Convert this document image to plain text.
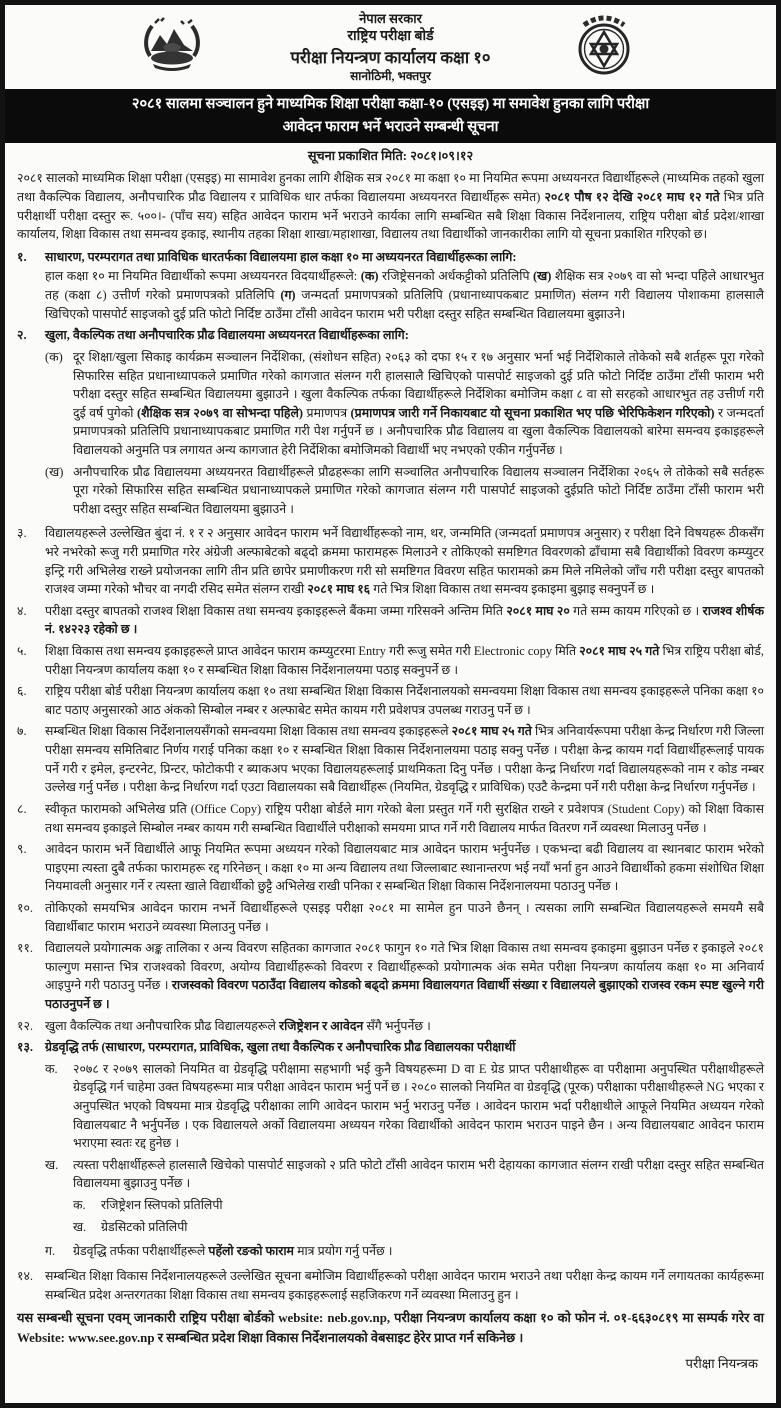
नेपाल सरकार
राष्ट्रिय परीक्षा बोर्ड
परीक्षा नियन्त्रण कार्यालय कक्षा १०
सानोठिमी, भक्तपुर
२०८१ सालमा सञ्चालन हुने माध्यमिक शिक्षा परीक्षा कक्षा-१० (एसइइ) मा समावेश हुनका लागि परीक्षा
आवेदन फाराम भर्ने भराउने सम्बन्धी सूचना
सूचना प्रकाशित मिति: २०८१।०९।१२
२०८१ सालको माध्यमिक शिक्षा परीक्षा (एसइइ) मा सामावेश हुनका लागि शैक्षिक सत्र २०८१ मा कक्षा १० मा नियमित रूपमा अध्ययनरत विद्यार्थीहरूले (माध्यमिक तहको खुला तथा वैकल्पिक विद्यालय, अनौपचारिक प्रौढ विद्यालय र प्राविधिक धार तर्फका विद्यालयमा अध्ययनरत विद्यार्थीहरू समेत) २०८१ पौष १२ देखि २०८१ माघ १२ गते भित्र प्रति परीक्षार्थी परीक्षा दस्तुर रू. ५००।- (पाँच सय) सहित आवेदन फाराम भर्ने भराउने कार्यका लागि सम्बन्धित सबै शिक्षा विकास निर्देशनालय, राष्ट्रिय परीक्षा बोर्ड प्रदेश/शाखा कार्यालय, शिक्षा विकास तथा समन्वय इकाइ, स्थानीय तहका शिक्षा शाखा/महाशाखा, विद्यालय तथा विद्यार्थीको जानकारीका लागि यो सूचना प्रकाशित गरिएको छ।
१.	साधारण, परम्परागत तथा प्राविधिक धारतर्फका विद्यालयमा हाल कक्षा १० मा अध्ययनरत विद्यार्थीहरूका लागि:
हाल कक्षा १० मा नियमित विद्यार्थीको रूपमा अध्ययनरत विदयार्थीहरूले: (क) रजिष्ट्रेसनको अर्धकट्टीको प्रतिलिपि (ख) शैक्षिक सत्र २०७९ वा सो भन्दा पहिले आधारभुत तह (कक्षा ८) उत्तीर्ण गरेको प्रमाणपत्रको प्रतिलिपि (ग) जन्मदर्ता प्रमाणपत्रको प्रतिलिपि (प्रधानाध्यापकबाट प्रमाणित) संलग्न गरी विद्यालय पोशाकमा हालसालै खिचिएको पासपोर्ट साइजको दुई प्रति फोटो निर्दिष्ट ठाउँमा टाँसी आवेदन फाराम भरी परीक्षा दस्तुर सहित सम्बन्धित विद्यालयमा बुझाउने।
२.	खुला, वैकल्पिक तथा अनौपचारिक प्रौढ विद्यालयमा अध्ययनरत विद्यार्थीहरूका लागि:
(क) दूर शिक्षा/खुला सिकाइ कार्यक्रम सञ्चालन निर्देशिका, (संशोधन सहित) २०६३ को दफा १५ र १७ अनुसार भर्ना भई निर्देशिकाले तोकेको सबै शर्तहरू पूरा गरेको सिफारिस सहित प्रधानाध्यापकले प्रमाणित गरेको कागजात संलग्न गरी हालसालै खिचिएको पासपोर्ट साइजको दुई प्रति फोटो निर्दिष्ट ठाउँमा टाँसी फाराम भरी परीक्षा दस्तुर सहित सम्बन्धित विद्यालयमा बुझाउने । खुला वैकल्पिक तर्फका विद्यार्थीहरूले निर्देशिका बमोजिम कक्षा ८ वा सो सरहको आधारभुत तह उत्तीर्ण गरी दुई वर्ष पुगेको (शैक्षिक सत्र २०७९ वा सोभन्दा पहिले) प्रमाणपत्र (प्रमाणपत्र जारी गर्ने निकायबाट यो सूचना प्रकाशित भए पछि भेरिफिकेशन गरिएको) र जन्मदर्ता प्रमाणपत्रको प्रतिलिपि प्रधानाध्यापकबाट प्रमाणित गरी पेश गर्नुपर्ने छ । अनौपचारिक प्रौढ विद्यालय वा खुला वैकल्पिक विद्यालयको बारेमा समन्वय इकाइहरूले विद्यालयको अनुमति पत्र लगायत अन्य कागजात हेरी निर्देशिका बमोजिमको विद्यार्थी भए नभएको एकीन गर्नुपर्नेछ ।
(ख) अनौपचारिक प्रौढ विद्यालयमा अध्ययनरत विद्यार्थीहरूले प्रौढहरूका लागि सञ्चालित अनौपचारिक विद्यालय सञ्चालन निर्देशिका २०६५ ले तोकेको सबै सर्तहरू पूरा गरेको सिफारिस सहित सम्बन्धित प्रधानाध्यापकले प्रमाणित गरेको कागजात संलग्न गरी पासपोर्ट साइजको दुईप्रति फोटो निर्दिष्ट ठाउँमा टाँसी फाराम भरी परीक्षा दस्तुर सहित सम्बन्धित विद्यालयमा बुझाउने ।
३.	विद्यालयहरूले उल्लेखित बुंदा नं. १ र २ अनुसार आवेदन फाराम भर्ने विद्यार्थीहरूको नाम, थर, जन्ममिति (जन्मदर्ता प्रमाणपत्र अनुसार) र परीक्षा दिने विषयहरू ठीकसँग भरे नभरेको रूजु गरी प्रमाणित गरेर अंग्रेजी अल्फाबेटको बढ्दो क्रममा फारामहरू मिलाउने र तोकिएको समष्टिगत विवरणको ढाँचामा सबै विद्यार्थीको विवरण कम्प्युटर इन्ट्रि गरी अभिलेख राख्ने प्रयोजनका लागि तीन प्रति छापेर प्रमाणीकरण गरी सो समष्टिगत विवरण सहित फारामको क्रम मिले नमिलेको जाँच गरी परीक्षा दस्तुर बापतको राजश्व जम्मा गरेको भौचर वा नगदी रसिद समेत संलग्न राखी २०८१ माघ १६ गते भित्र शिक्षा विकास तथा समन्वय इकाइमा बुझाइ सक्नुपर्ने छ ।
४.	परीक्षा दस्तुर बापतको राजश्व शिक्षा विकास तथा समन्वय इकाइहरूले बैंकमा जम्मा गरिसक्ने अन्तिम मिति २०८१ माघ २० गते सम्म कायम गरिएको छ । राजश्व शीर्षक नं. १४२२३ रहेको छ ।
५.	शिक्षा विकास तथा समन्वय इकाइहरूले प्राप्त आवेदन फाराम कम्प्युटरमा Entry गरी रूजु समेत गरी Electronic copy मिति २०८१ माघ २५ गते भित्र राष्ट्रिय परीक्षा बोर्ड, परीक्षा नियन्त्रण कार्यालय कक्षा १० र सम्बन्धित शिक्षा विकास निर्देशनालयमा पठाइ सक्नुपर्ने छ ।
६.	राष्ट्रिय परीक्षा बोर्ड परीक्षा नियन्त्रण कार्यालय कक्षा १० तथा सम्बन्धित शिक्षा विकास निर्देशनालयको समन्वयमा शिक्षा विकास तथा समन्वय इकाइहरूले पनिका कक्षा १० बाट पठाए अनुसारको आठ अंकको सिम्बोल नम्बर र अल्फाबेट समेत कायम गरी प्रवेशपत्र उपलब्ध गराउनु पर्ने छ ।
७.	सम्बन्धित शिक्षा विकास निर्देशनालयसँगको समन्वयमा शिक्षा विकास तथा समन्वय इकाइहरूले २०८१ माघ २५ गते भित्र अनिवार्यरूपमा परीक्षा केन्द्र निर्धारण गरी जिल्ला परीक्षा समन्वय समितिबाट निर्णय गराई पनिका कक्षा १० र सम्बन्धित शिक्षा विकास निर्देशनालयमा पठाइ सक्नु पर्नेछ । परीक्षा केन्द्र कायम गर्दा विद्यार्थीहरूलाई पायक पर्ने गरी र इमेल, इन्टरनेट, प्रिन्टर, फोटोकपी र ब्याकअप भएका विद्यालयहरूलाई प्राथमिकता दिनु पर्नेछ । परीक्षा केन्द्र निर्धारण गर्दा विद्यालयहरूको नाम र कोड नम्बर उल्लेख गर्नु पर्नेछ । परीक्षा केन्द्र निर्धारण गर्दा एउटा विद्यालयका सबै विद्यार्थीहरू (नियमित, ग्रेडवृद्धि र प्राविधिक) एउटै केन्द्रमा पर्ने गरी परीक्षा केन्द्र निर्धारण गर्नुपर्नेछ ।
८.	स्वीकृत फारामको अभिलेख प्रति (Office Copy) राष्ट्रिय परीक्षा बोर्डले माग गरेको बेला प्रस्तुत गर्ने गरी सुरक्षित राख्ने र प्रवेशपत्र (Student Copy) को शिक्षा विकास तथा समन्वय इकाइले सिम्बोल नम्बर कायम गरी सम्बन्धित विद्यार्थीले परीक्षाको समयमा प्राप्त गर्ने गरी विद्यालय मार्फत वितरण गर्ने व्यवस्था मिलाउनु पर्नेछ ।
९.	आवेदन फाराम भर्ने विद्यार्थीले आफू नियमित रूपमा अध्ययन गरेको विद्यालयबाट मात्र आवेदन फाराम भर्नुपर्नेछ । एकभन्दा बढी विद्यालय वा स्थानबाट फाराम भरेको पाइएमा त्यस्ता दुबै तर्फका फारामहरू रद्द गरिनेछन् । कक्षा १० मा अन्य विद्यालय तथा जिल्लाबाट स्थानान्तरण भई नयाँ भर्ना हुन आउने विद्यार्थीको हकमा संशोधित शिक्षा नियमावली अनुसार गर्ने र त्यस्ता खाले विद्यार्थीको छुट्टै अभिलेख राखी पनिका र सम्बन्धित शिक्षा विकास निर्देशनालयमा पठाउनु पर्नेछ ।
१०. तोकिएको समयभित्र आवेदन फाराम नभर्ने विद्यार्थीहरूले एसइइ परीक्षा २०८१ मा सामेल हुन पाउने छैनन् । त्यसका लागि सम्बन्धित विद्यालयहरूले समयमै सबै विद्यार्थीबाट फाराम भराउने व्यवस्था मिलाउनु पर्नेछ ।
११. विद्यालयले प्रयोगात्मक अङ्क तालिका र अन्य विवरण सहितका कागजात २०८१ फागुन १० गते भित्र शिक्षा विकास तथा समन्वय इकाइमा बुझाउन पर्नेछ र इकाइले २०८१ फाल्गुण मसान्त भित्र राजश्वको विवरण, अयोग्य विद्यार्थीहरूको विवरण र विद्यार्थीहरूको प्रयोगात्मक अंक समेत परीक्षा नियन्त्रण कार्यालय कक्षा १० मा अनिवार्य आइपुग्ने गरी पठाउनु पर्नेछ । राजस्वको विवरण पठाउँदा विद्यालय कोडको बढ्दो क्रममा विद्यालयगत विद्यार्थी संख्या र विद्यालयले बुझाएको राजस्व रकम स्पष्ट खुल्ने गरी पठाउनुपर्ने छ ।
१२. खुला वैकल्पिक तथा अनौपचारिक प्रौढ विद्यालयहरूले रजिष्ट्रेशन र आवेदन सँगै भर्नुपर्नेछ ।
१३. ग्रेडवृद्धि तर्फ (साधारण, परम्परागत, प्राविधिक, खुला तथा वैकल्पिक र अनौपचारिक प्रौढ विद्यालयका परीक्षार्थी
क.	२०७८ र २०७९ सालको नियमित वा ग्रेडवृद्धि परीक्षामा सहभागी भई कुनै विषयहरूमा D वा E ग्रेड प्राप्त परीक्षाथीहरू वा परीक्षामा अनुपस्थित परीक्षाथीहरूले ग्रेडवृद्धि गर्न चाहेमा उक्त विषयहरूमा मात्र परीक्षा आवेदन फाराम भर्नु पर्ने छ । २०८० सालको नियमित वा ग्रेडवृद्धि (पूरक) परीक्षाका परीक्षाथीहरूले NG भएका र अनुपस्थित भएको विषयमा मात्र ग्रेडवृद्धि परीक्षाका लागि आवेदन फाराम भर्नु भराउनु पर्नेछ । आवेदन फाराम भर्दा परीक्षाथीले आफूले नियमित अध्ययन गरेको विद्यालयबाट नै भर्नुपर्नेछ । एक विद्यालयले अर्को विद्यालयमा अध्ययन गरेका विद्यार्थीको आवेदन फाराम भराउन पाइने छैन । अन्य विद्यालयबाट आवेदन फाराम भराएमा स्वतः रद्द हुनेछ ।
ख.	त्यस्ता परीक्षार्थीहरूले हालसालै खिचेको पासपोर्ट साइजको २ प्रति फोटो टाँसी आवेदन फाराम भरी देहायका कागजात संलग्न राखी परीक्षा दस्तुर सहित सम्बन्धित विद्यालयमा बुझाउनु पर्नेछ ।
क.	रजिष्ट्रेशन स्लिपको प्रतिलिपी
ख.	ग्रेडसिटको प्रतिलिपी
ग.	ग्रेडवृद्धि तर्फका परीक्षार्थीहरूले पहेंलो रङको फाराम मात्र प्रयोग गर्नु पर्नेछ ।
१४. सम्बन्धित शिक्षा विकास निर्देशनालयहरूले उल्लेखित सूचना बमोजिम विद्यार्थीहरूको परीक्षा आवेदन फाराम भराउने तथा परीक्षा केन्द्र कायम गर्ने लगायतका कार्यहरूमा सम्बन्धित प्रदेश अन्तरगतका शिक्षा विकास तथा समन्वय इकाइहरूलाई सहजिकरण गर्ने व्यवस्था मिलाउनु हुन ।
यस सम्बन्धी सूचना एवम् जानकारी राष्ट्रिय परीक्षा बोर्डको website: neb.gov.np, परीक्षा नियन्त्रण कार्यालय कक्षा १० को फोन नं. ०१-६६३०८१९ मा सम्पर्क गरेर वा Website: www.see.gov.np र सम्बन्धित प्रदेश शिक्षा विकास निर्देशनालयको वेबसाइट हेरेर प्राप्त गर्न सकिनेछ ।
परीक्षा नियन्त्रक
